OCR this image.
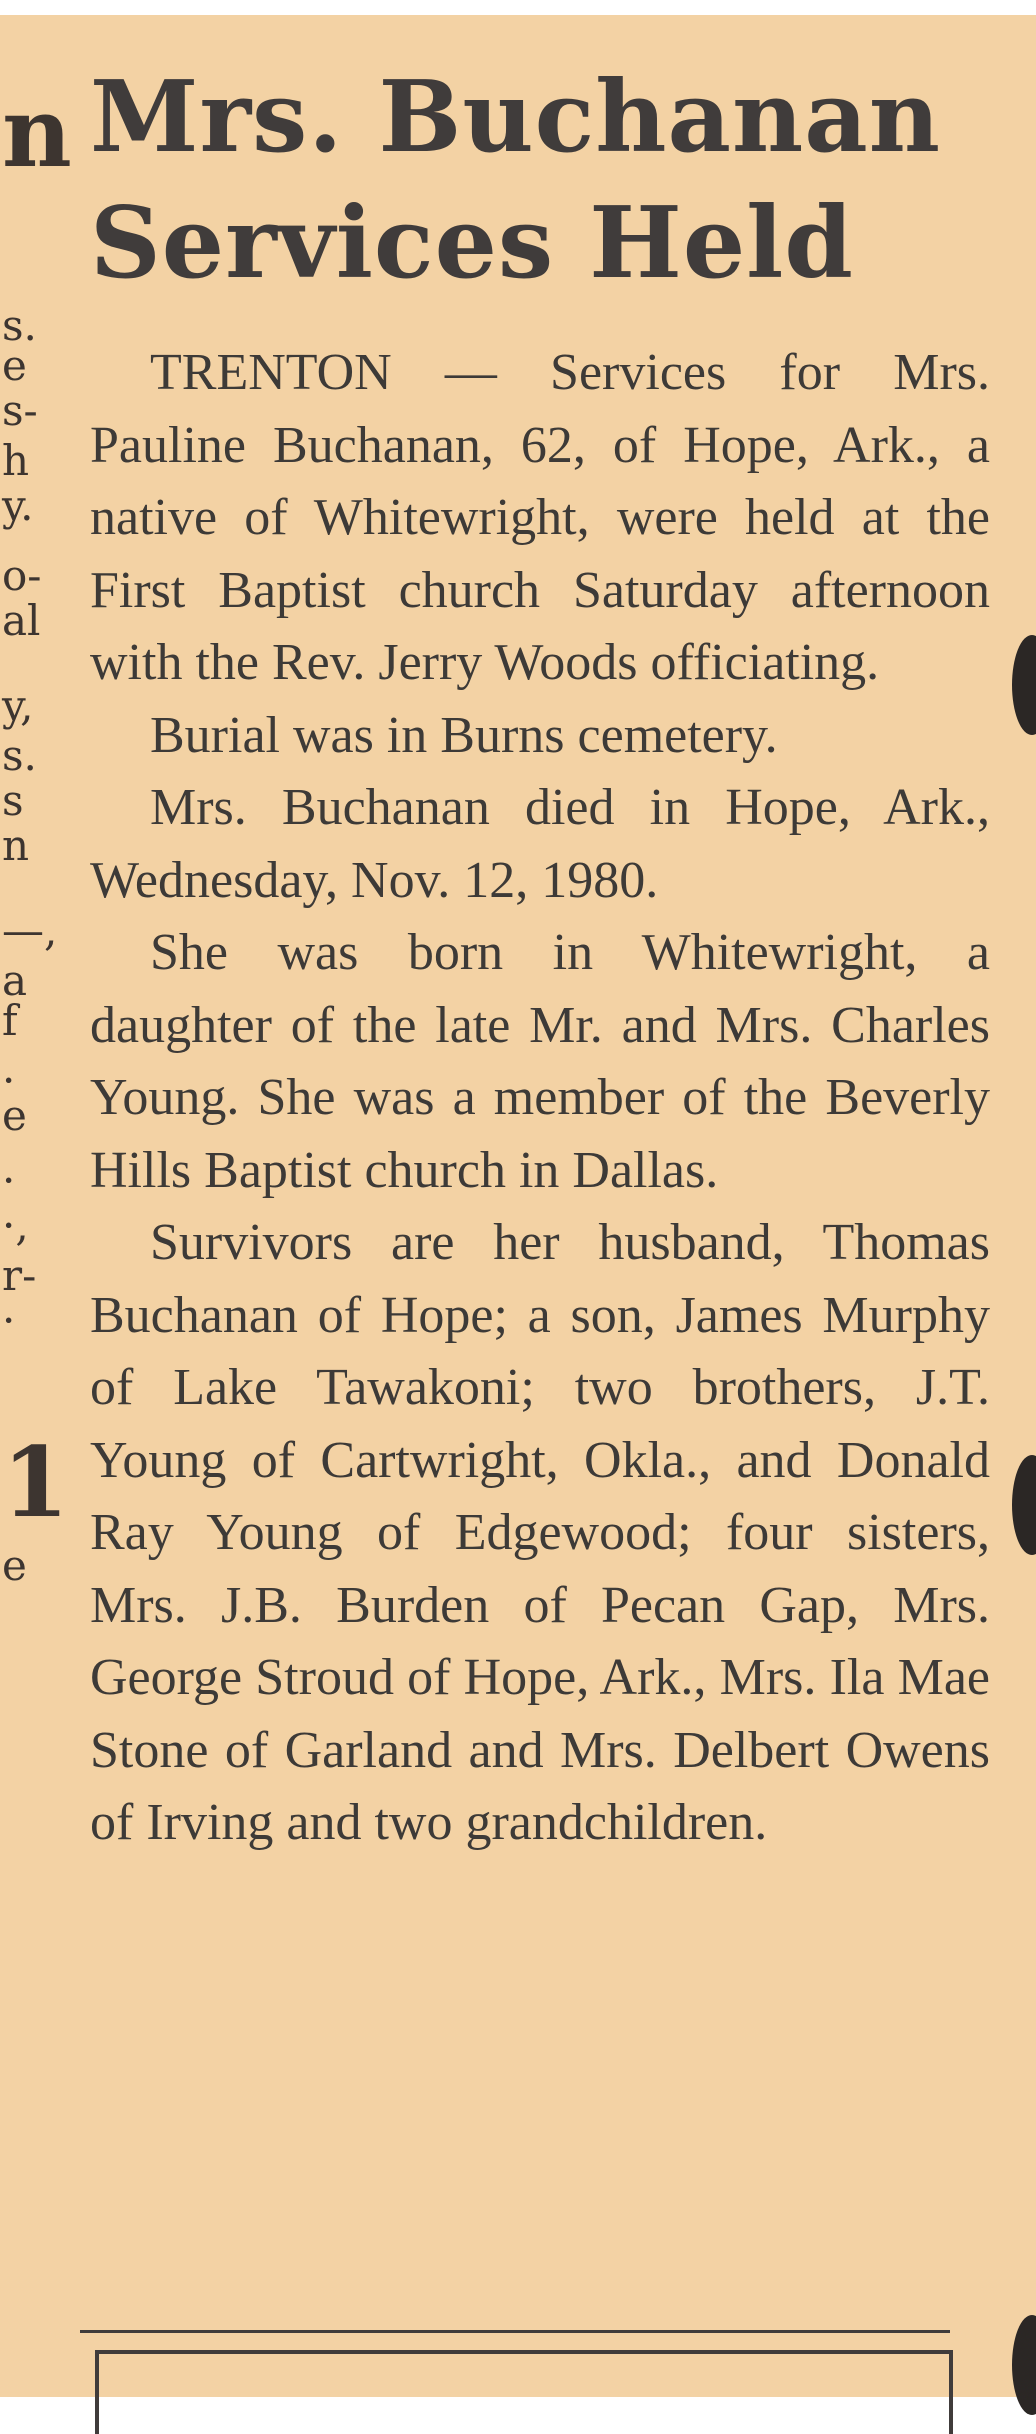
n
s.
e
s-
h
y.
o-
al
y,
s.
s
n
—,
a
f
·
e
·
·,
r-
·
1
e
Mrs. Buchanan Services Held

TRENTON — Services for Mrs. Pauline Buchanan, 62, of Hope, Ark., a native of Whitewright, were held at the First Baptist church Saturday afternoon with the Rev. Jerry Woods officiating.

Burial was in Burns cemetery.

Mrs. Buchanan died in Hope, Ark., Wednesday, Nov. 12, 1980.

She was born in Whitewright, a daughter of the late Mr. and Mrs. Charles Young. She was a member of the Beverly Hills Baptist church in Dallas.

Survivors are her husband, Thomas Buchanan of Hope; a son, James Murphy of Lake Tawakoni; two brothers, J.T. Young of Cartwright, Okla., and Donald Ray Young of Edgewood; four sisters, Mrs. J.B. Burden of Pecan Gap, Mrs. George Stroud of Hope, Ark., Mrs. Ila Mae Stone of Garland and Mrs. Delbert Owens of Irving and two grandchildren.
